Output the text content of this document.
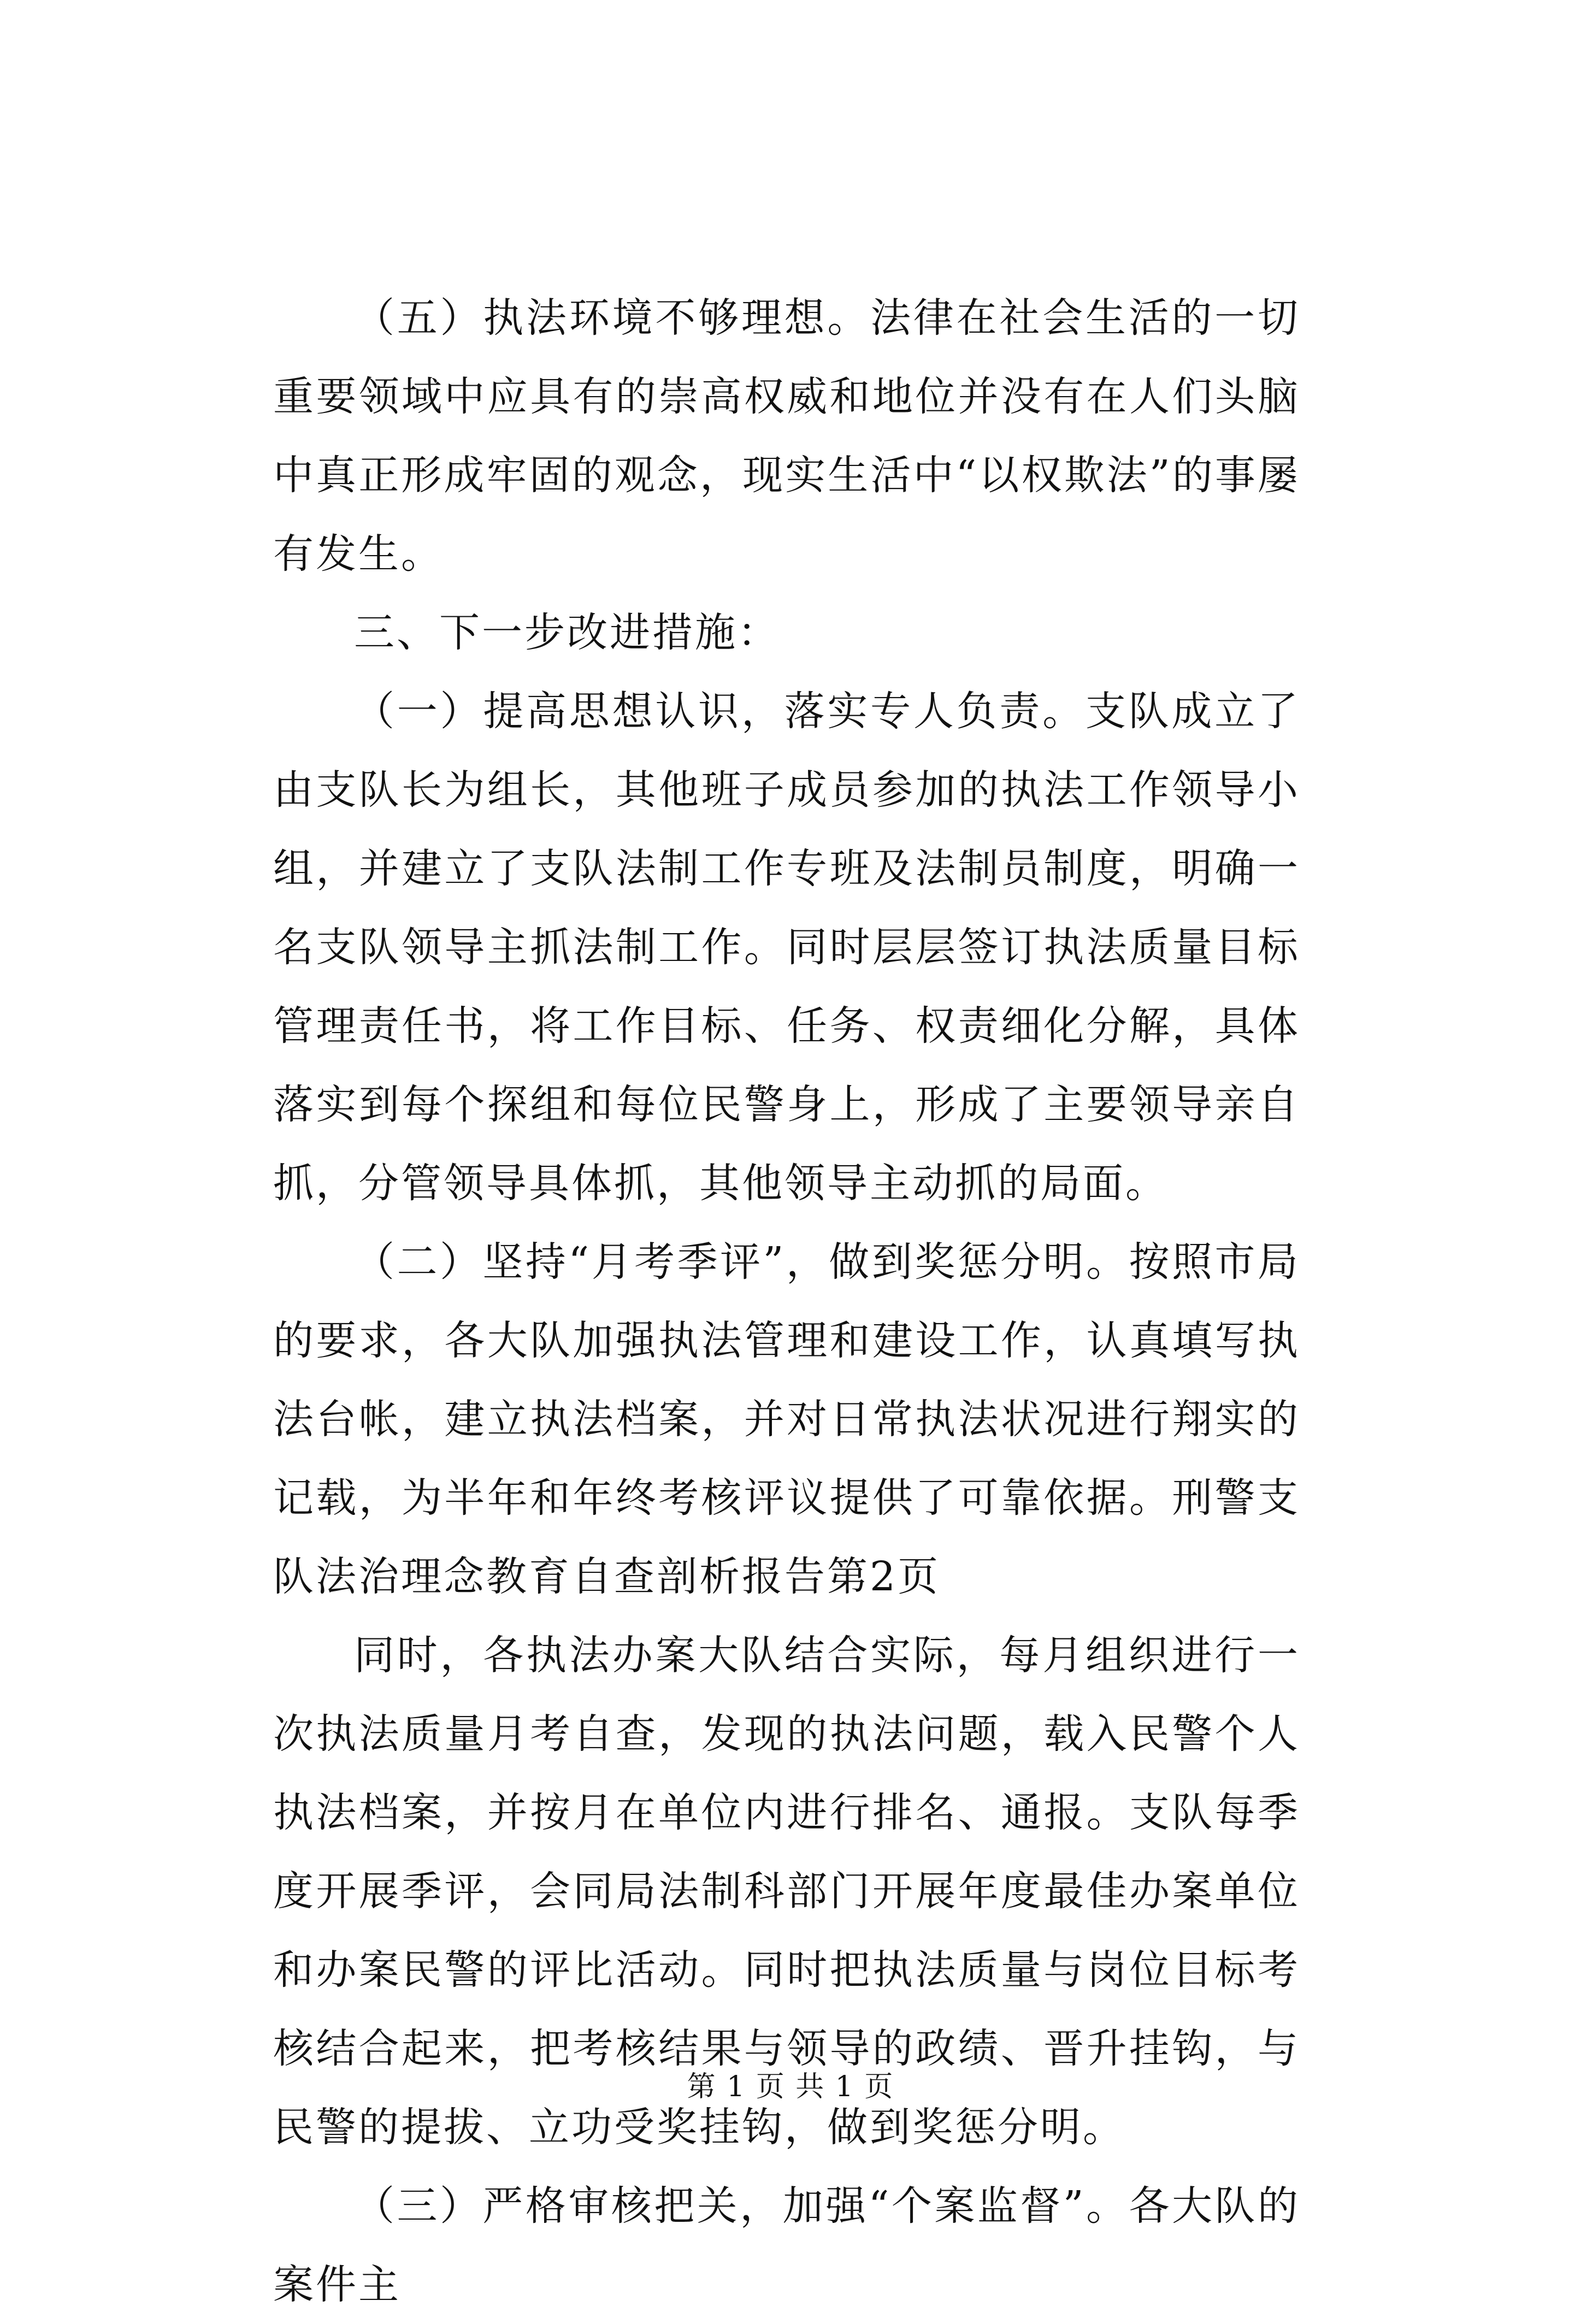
（五）执法环境不够理想。法律在社会生活的一切重要领域中应具有的崇高权威和地位并没有在人们头脑中真正形成牢固的观念，现实生活中“以权欺法”的事屡有发生。

三、下一步改进措施：

（一）提高思想认识，落实专人负责。支队成立了由支队长为组长，其他班子成员参加的执法工作领导小组，并建立了支队法制工作专班及法制员制度，明确一名支队领导主抓法制工作。同时层层签订执法质量目标管理责任书，将工作目标、任务、权责细化分解，具体落实到每个探组和每位民警身上，形成了主要领导亲自抓，分管领导具体抓，其他领导主动抓的局面。

（二）坚持“月考季评”，做到奖惩分明。按照市局的要求，各大队加强执法管理和建设工作，认真填写执法台帐，建立执法档案，并对日常执法状况进行翔实的记载，为半年和年终考核评议提供了可靠依据。刑警支队法治理念教育自查剖析报告第2页

同时，各执法办案大队结合实际，每月组织进行一次执法质量月考自查，发现的执法问题，载入民警个人执法档案，并按月在单位内进行排名、通报。支队每季度开展季评，会同局法制科部门开展年度最佳办案单位和办案民警的评比活动。同时把执法质量与岗位目标考核结合起来，把考核结果与领导的政绩、晋升挂钩，与民警的提拔、立功受奖挂钩，做到奖惩分明。

（三）严格审核把关，加强“个案监督”。各大队的案件主

第 1 页 共 1 页
